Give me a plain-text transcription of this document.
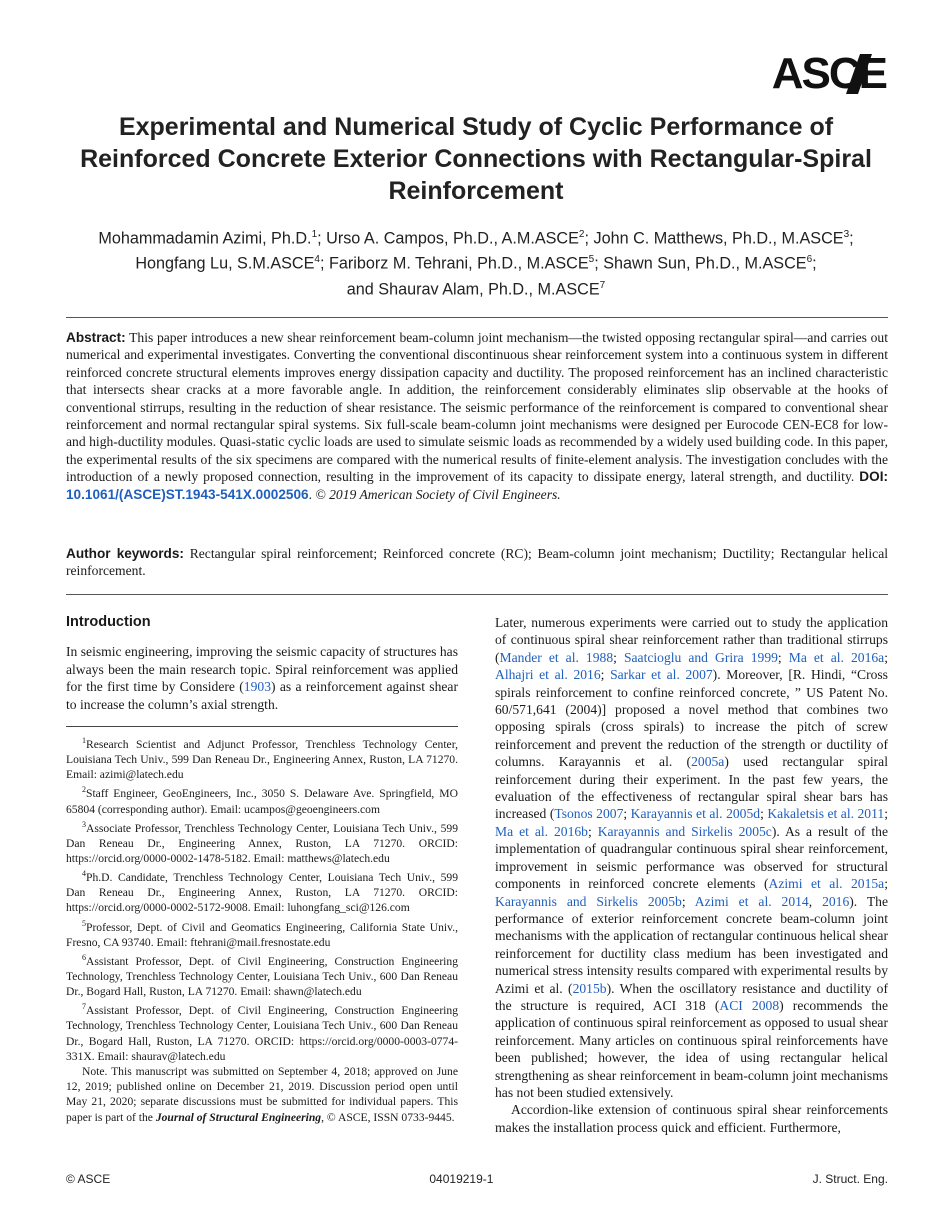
ASCE
Experimental and Numerical Study of Cyclic Performance of Reinforced Concrete Exterior Connections with Rectangular-Spiral Reinforcement
Mohammadamin Azimi, Ph.D.$^1$; Urso A. Campos, Ph.D., A.M.ASCE$^2$; John C. Matthews, Ph.D., M.ASCE$^3$;
Hongfang Lu, S.M.ASCE$^4$; Fariborz M. Tehrani, Ph.D., M.ASCE$^5$; Shawn Sun, Ph.D., M.ASCE$^6$;
and Shaurav Alam, Ph.D., M.ASCE$^7$
Abstract: This paper introduces a new shear reinforcement beam-column joint mechanism—the twisted opposing rectangular spiral—and carries out numerical and experimental investigates. Converting the conventional discontinuous shear reinforcement system into a continuous system in different reinforced concrete structural elements improves energy dissipation capacity and ductility. The proposed reinforcement has an inclined characteristic that intersects shear cracks at a more favorable angle. In addition, the reinforcement considerably eliminates slip observable at the hooks of conventional stirrups, resulting in the reduction of shear resistance. The seismic performance of the reinforcement is compared to conventional shear reinforcement and normal rectangular spiral systems. Six full-scale beam-column joint mechanisms were designed per Eurocode CEN-EC8 for low- and high-ductility modules. Quasi-static cyclic loads are used to simulate seismic loads as recommended by a widely used building code. In this paper, the experimental results of the six specimens are compared with the numerical results of finite-element analysis. The investigation concludes with the introduction of a newly proposed connection, resulting in the improvement of its capacity to dissipate energy, lateral strength, and ductility. DOI: 10.1061/(ASCE)ST.1943-541X.0002506. © 2019 American Society of Civil Engineers.
Author keywords: Rectangular spiral reinforcement; Reinforced concrete (RC); Beam-column joint mechanism; Ductility; Rectangular helical reinforcement.
Introduction

In seismic engineering, improving the seismic capacity of structures has always been the main research topic. Spiral reinforcement was applied for the first time by Considere (1903) as a reinforcement against shear to increase the column’s axial strength.

$^1$Research Scientist and Adjunct Professor, Trenchless Technology Center, Louisiana Tech Univ., 599 Dan Reneau Dr., Engineering Annex, Ruston, LA 71270. Email: azimi@latech.edu

$^2$Staff Engineer, GeoEngineers, Inc., 3050 S. Delaware Ave. Springfield, MO 65804 (corresponding author). Email: ucampos@geoengineers.com

$^3$Associate Professor, Trenchless Technology Center, Louisiana Tech Univ., 599 Dan Reneau Dr., Engineering Annex, Ruston, LA 71270. ORCID: https://orcid.org/0000-0002-1478-5182. Email: matthews@latech.edu

$^4$Ph.D. Candidate, Trenchless Technology Center, Louisiana Tech Univ., 599 Dan Reneau Dr., Engineering Annex, Ruston, LA 71270. ORCID: https://orcid.org/0000-0002-5172-9008. Email: luhongfang_sci@126.com

$^5$Professor, Dept. of Civil and Geomatics Engineering, California State Univ., Fresno, CA 93740. Email: ftehrani@mail.fresnostate.edu

$^6$Assistant Professor, Dept. of Civil Engineering, Construction Engineering Technology, Trenchless Technology Center, Louisiana Tech Univ., 600 Dan Reneau Dr., Bogard Hall, Ruston, LA 71270. Email: shawn@latech.edu

$^7$Assistant Professor, Dept. of Civil Engineering, Construction Engineering Technology, Trenchless Technology Center, Louisiana Tech Univ., 600 Dan Reneau Dr., Bogard Hall, Ruston, LA 71270. ORCID: https://orcid.org/0000-0003-0774-331X. Email: shaurav@latech.edu

Note. This manuscript was submitted on September 4, 2018; approved on June 12, 2019; published online on December 21, 2019. Discussion period open until May 21, 2020; separate discussions must be submitted for individual papers. This paper is part of the Journal of Structural Engineering, © ASCE, ISSN 0733-9445.

Later, numerous experiments were carried out to study the application of continuous spiral shear reinforcement rather than traditional stirrups (Mander et al. 1988; Saatcioglu and Grira 1999; Ma et al. 2016a; Alhajri et al. 2016; Sarkar et al. 2007). Moreover, [R. Hindi, “Cross spirals reinforcement to confine reinforced concrete, ” US Patent No. 60/571,641 (2004)] proposed a novel method that combines two opposing spirals (cross spirals) to increase the pitch of screw reinforcement and prevent the reduction of the strength or ductility of columns. Karayannis et al. (2005a) used rectangular spiral reinforcement during their experiment. In the past few years, the evaluation of the effectiveness of rectangular spiral shear bars has increased (Tsonos 2007; Karayannis et al. 2005d; Kakaletsis et al. 2011; Ma et al. 2016b; Karayannis and Sirkelis 2005c). As a result of the implementation of quadrangular continuous spiral shear reinforcement, improvement in seismic performance was observed for structural components in reinforced concrete elements (Azimi et al. 2015a; Karayannis and Sirkelis 2005b; Azimi et al. 2014, 2016). The performance of exterior reinforcement concrete beam-column joint mechanisms with the application of rectangular continuous helical shear reinforcement for ductility class medium has been investigated and numerical stress intensity results compared with experimental results by Azimi et al. (2015b). When the oscillatory resistance and ductility of the structure is required, ACI 318 (ACI 2008) recommends the application of continuous spiral reinforcement as opposed to usual shear reinforcement. Many articles on continuous spiral reinforcements have been published; however, the idea of using rectangular helical strengthening as shear reinforcement in beam-column joint mechanisms has not been studied extensively.

Accordion-like extension of continuous spiral shear reinforcements makes the installation process quick and efficient. Furthermore,

© ASCE	04019219-1	J. Struct. Eng.
